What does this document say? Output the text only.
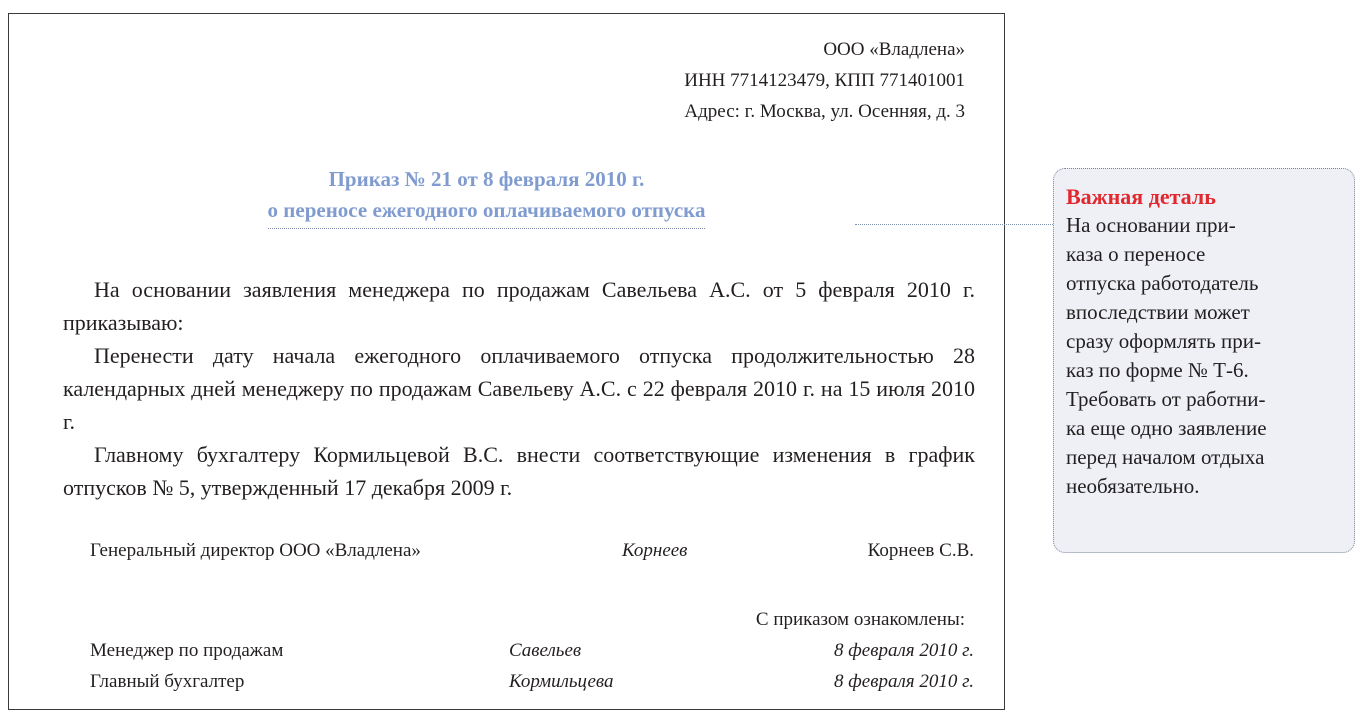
ООО «Владлена»
ИНН 7714123479, КПП 771401001
Адрес: г. Москва, ул. Осенняя, д. 3
Приказ № 21 от 8 февраля 2010 г.
о переносе ежегодного оплачиваемого отпуска

На основании заявления менеджера по продажам Савельева А.С. от 5 февраля 2010 г. приказываю:

Перенести дату начала ежегодного оплачиваемого отпуска продолжительностью 28 календарных дней менеджеру по продажам Савельеву А.С. с 22 февраля 2010 г. на 15 июля 2010 г.

Главному бухгалтеру Кормильцевой В.С. внести соответствующие изменения в график отпусков № 5, утвержденный 17 декабря 2009 г.

Генеральный директор ООО «Владлена»	Корнеев	Корнеев С.В.
С приказом ознакомлены:
Менеджер по продажам	Савельев	8 февраля 2010 г.
Главный бухгалтер	Кормильцева	8 февраля 2010 г.
Важная деталь
На основании при-
каза о переносе
отпуска работодатель
впоследствии может
сразу оформлять при-
каз по форме № Т-6.
Требовать от работни-
ка еще одно заявление
перед началом отдыха
необязательно.
